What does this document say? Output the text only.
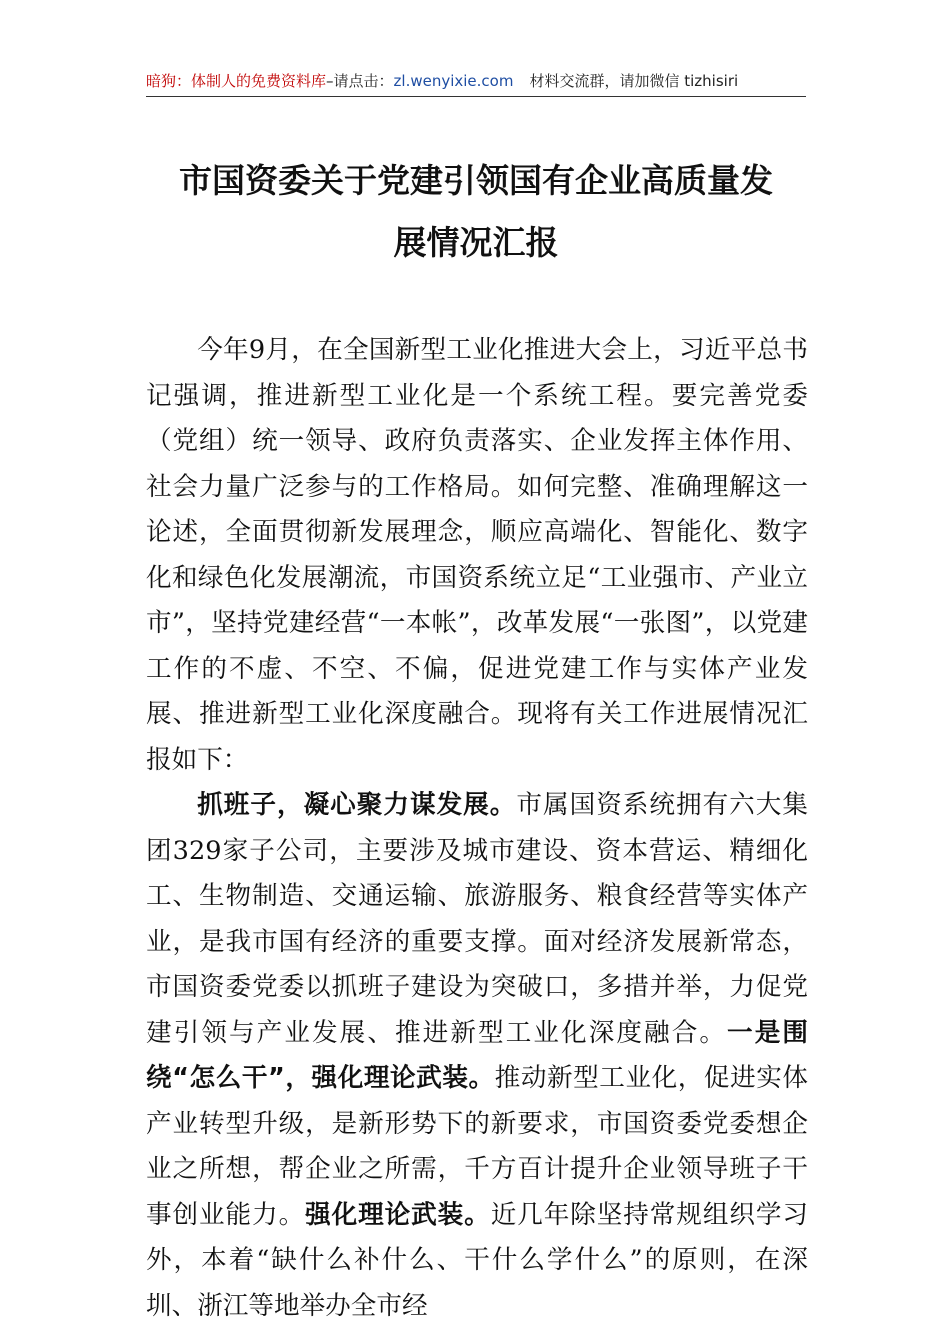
暗狗：体制人的免费资料库–请点击：zl.wenyixie.com 材料交流群，请加微信 tizhisiri
市国资委关于党建引领国有企业高质量发
展情况汇报

今年9月，在全国新型工业化推进大会上，习近平总书记强调，推进新型工业化是一个系统工程。要完善党委（党组）统一领导、政府负责落实、企业发挥主体作用、社会力量广泛参与的工作格局。如何完整、准确理解这一论述，全面贯彻新发展理念，顺应高端化、智能化、数字化和绿色化发展潮流，市国资系统立足“工业强市、产业立市”，坚持党建经营“一本帐”，改革发展“一张图”，以党建工作的不虚、不空、不偏，促进党建工作与实体产业发展、推进新型工业化深度融合。现将有关工作进展情况汇报如下：

抓班子，凝心聚力谋发展。市属国资系统拥有六大集团329家子公司，主要涉及城市建设、资本营运、精细化工、生物制造、交通运输、旅游服务、粮食经营等实体产业，是我市国有经济的重要支撑。面对经济发展新常态，市国资委党委以抓班子建设为突破口，多措并举，力促党建引领与产业发展、推进新型工业化深度融合。一是围绕“怎么干”，强化理论武装。推动新型工业化，促进实体产业转型升级，是新形势下的新要求，市国资委党委想企业之所想，帮企业之所需，千方百计提升企业领导班子干事创业能力。强化理论武装。近几年除坚持常规组织学习外，本着“缺什么补什么、干什么学什么”的原则，在深圳、浙江等地举办全市经
